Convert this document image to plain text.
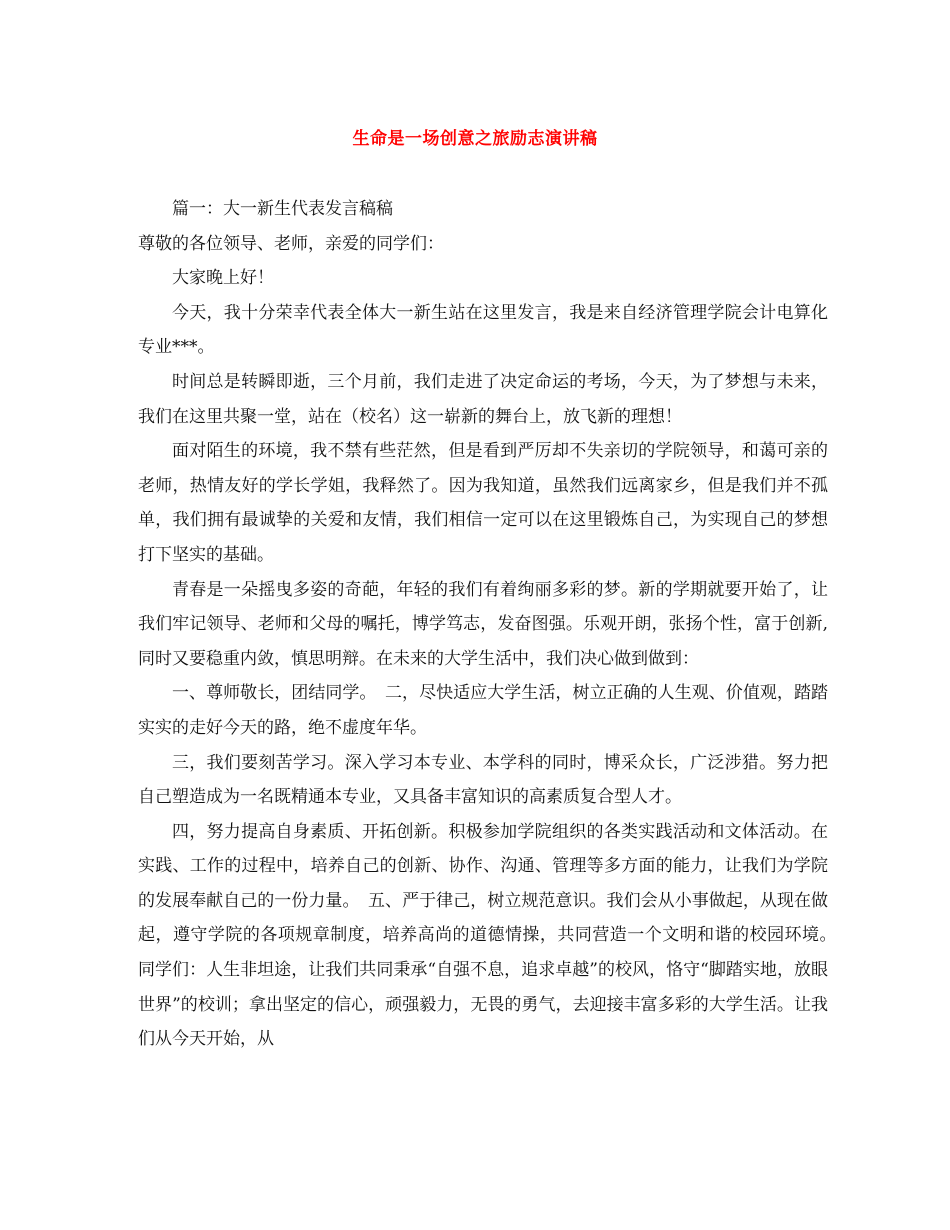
生命是一场创意之旅励志演讲稿

篇一：大一新生代表发言稿稿

尊敬的各位领导、老师，亲爱的同学们：

大家晚上好！

今天，我十分荣幸代表全体大一新生站在这里发言，我是来自经济管理学院会计电算化专业***。

时间总是转瞬即逝，三个月前，我们走进了决定命运的考场，今天，为了梦想与未来，我们在这里共聚一堂，站在（校名）这一崭新的舞台上，放飞新的理想！

面对陌生的环境，我不禁有些茫然，但是看到严厉却不失亲切的学院领导，和蔼可亲的老师，热情友好的学长学姐，我释然了。因为我知道，虽然我们远离家乡，但是我们并不孤单，我们拥有最诚挚的关爱和友情，我们相信一定可以在这里锻炼自己，为实现自己的梦想打下坚实的基础。

青春是一朵摇曳多姿的奇葩，年轻的我们有着绚丽多彩的梦。新的学期就要开始了，让我们牢记领导、老师和父母的嘱托，博学笃志，发奋图强。乐观开朗，张扬个性，富于创新,同时又要稳重内敛，慎思明辩。在未来的大学生活中，我们决心做到做到：

一、尊师敬长，团结同学。　二，尽快适应大学生活，树立正确的人生观、价值观，踏踏实实的走好今天的路，绝不虚度年华。

三，我们要刻苦学习。深入学习本专业、本学科的同时，博采众长，广泛涉猎。努力把自己塑造成为一名既精通本专业，又具备丰富知识的高素质复合型人才。

四，努力提高自身素质、开拓创新。积极参加学院组织的各类实践活动和文体活动。在实践、工作的过程中，培养自己的创新、协作、沟通、管理等多方面的能力，让我们为学院的发展奉献自己的一份力量。　五、严于律己，树立规范意识。我们会从小事做起，从现在做起，遵守学院的各项规章制度，培养高尚的道德情操，共同营造一个文明和谐的校园环境。　同学们：人生非坦途，让我们共同秉承“自强不息，追求卓越”的校风，恪守“脚踏实地，放眼世界”的校训；拿出坚定的信心，顽强毅力，无畏的勇气，去迎接丰富多彩的大学生活。让我们从今天开始，从
